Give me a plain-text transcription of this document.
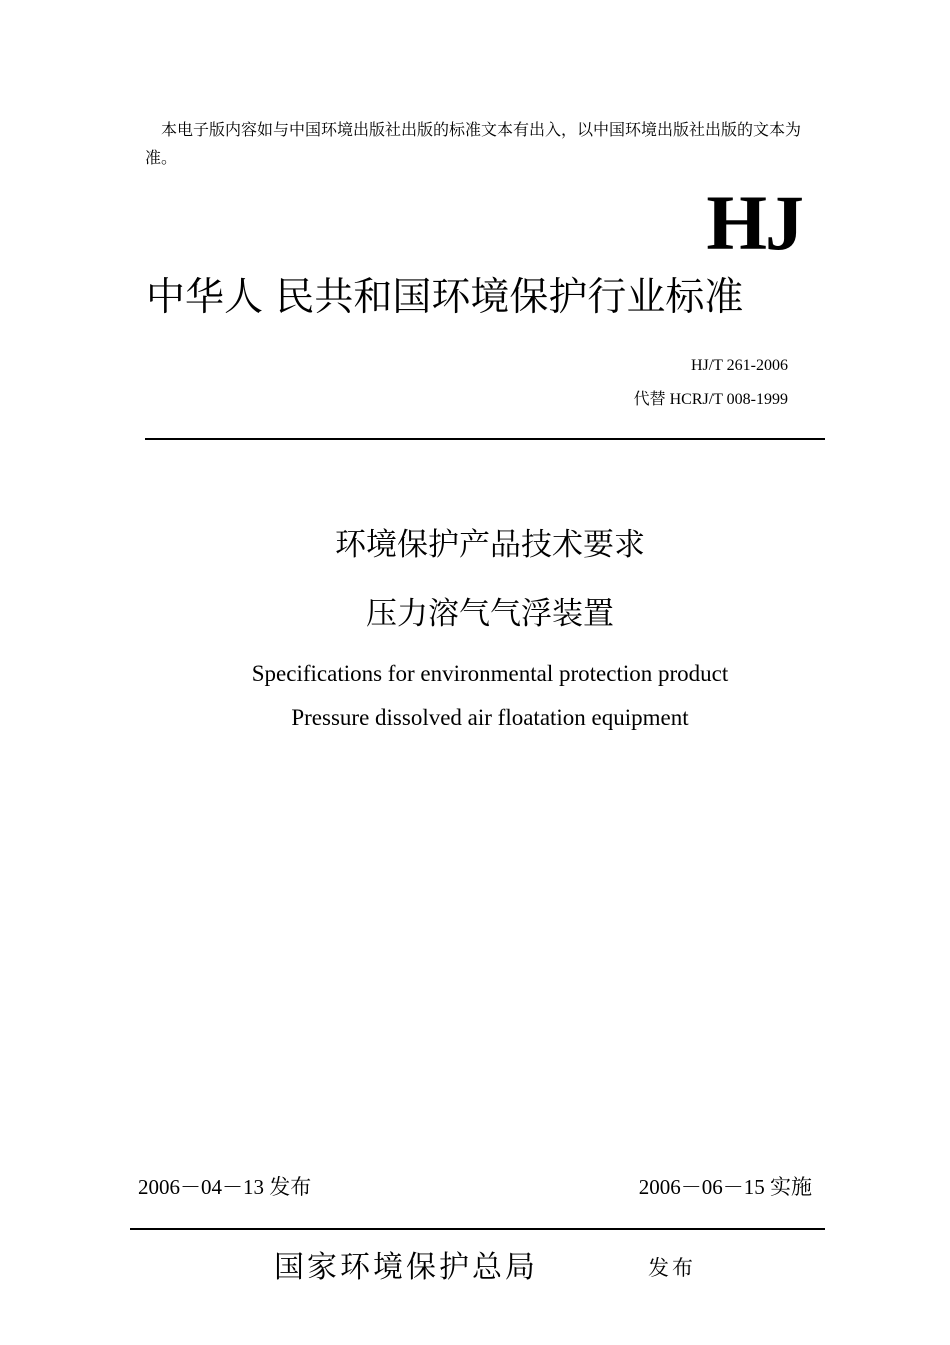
本电子版内容如与中国环境出版社出版的标准文本有出入，以中国环境出版社出版的文本为准。

HJ
中华人 民共和国环境保护行业标准
HJ/T 261-2006
代替 HCRJ/T 008-1999
环境保护产品技术要求
压力溶气气浮装置
Specifications for environmental protection product
Pressure dissolved air floatation equipment
2006－04－13 发布	2006－06－15 实施
国家环境保护总局	发布
